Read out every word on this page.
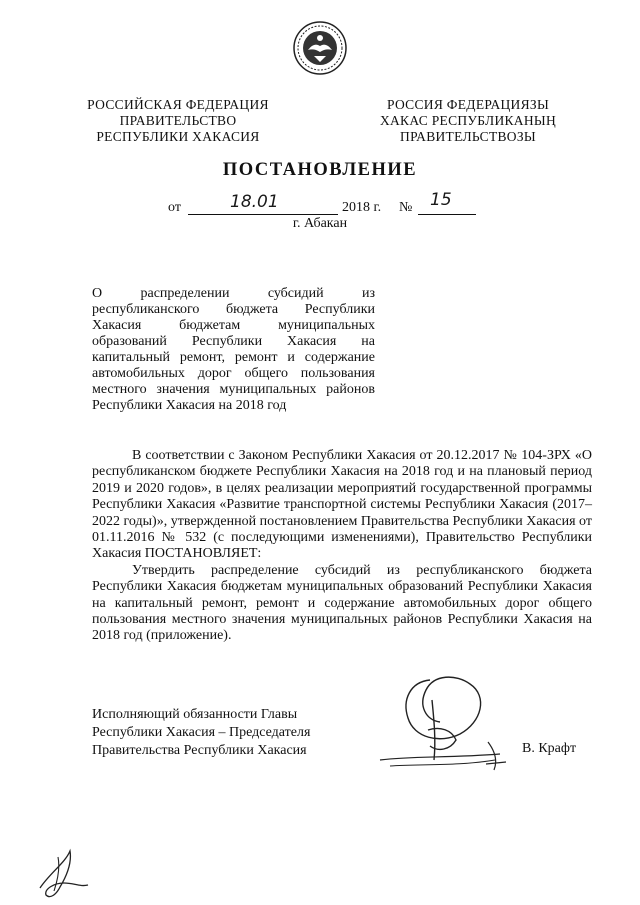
РОССИЙСКАЯ ФЕДЕРАЦИЯ
ПРАВИТЕЛЬСТВО
РЕСПУБЛИКИ ХАКАСИЯ
РОССИЯ ФЕДЕРАЦИЯЗЫ
ХАКАС РЕСПУБЛИКАНЫҢ
ПРАВИТЕЛЬСТВОЗЫ
ПОСТАНОВЛЕНИЕ
от	18.01	2018 г. № 15
г. Абакан

О распределении субсидий из республиканского бюджета Республики Хакасия бюджетам муниципальных образований Республики Хакасия на капитальный ремонт, ремонт и содержание автомобильных дорог общего пользования местного значения муниципальных районов Республики Хакасия на 2018 год

В соответствии с Законом Республики Хакасия от 20.12.2017 № 104-ЗРХ «О республиканском бюджете Республики Хакасия на 2018 год и на плановый период 2019 и 2020 годов», в целях реализации мероприятий государственной программы Республики Хакасия «Развитие транспортной системы Республики Хакасия (2017–2022 годы)», утвержденной постановлением Правительства Республики Хакасия от 01.11.2016 № 532 (с последующими изменениями), Правительство Республики Хакасия ПОСТАНОВЛЯЕТ:

Утвердить распределение субсидий из республиканского бюджета Республики Хакасия бюджетам муниципальных образований Республики Хакасия на капитальный ремонт, ремонт и содержание автомобильных дорог общего пользования местного значения муниципальных районов Республики Хакасия на 2018 год (приложение).

Исполняющий обязанности Главы

Республики Хакасия – Председателя

Правительства Республики Хакасия	В. Крафт
